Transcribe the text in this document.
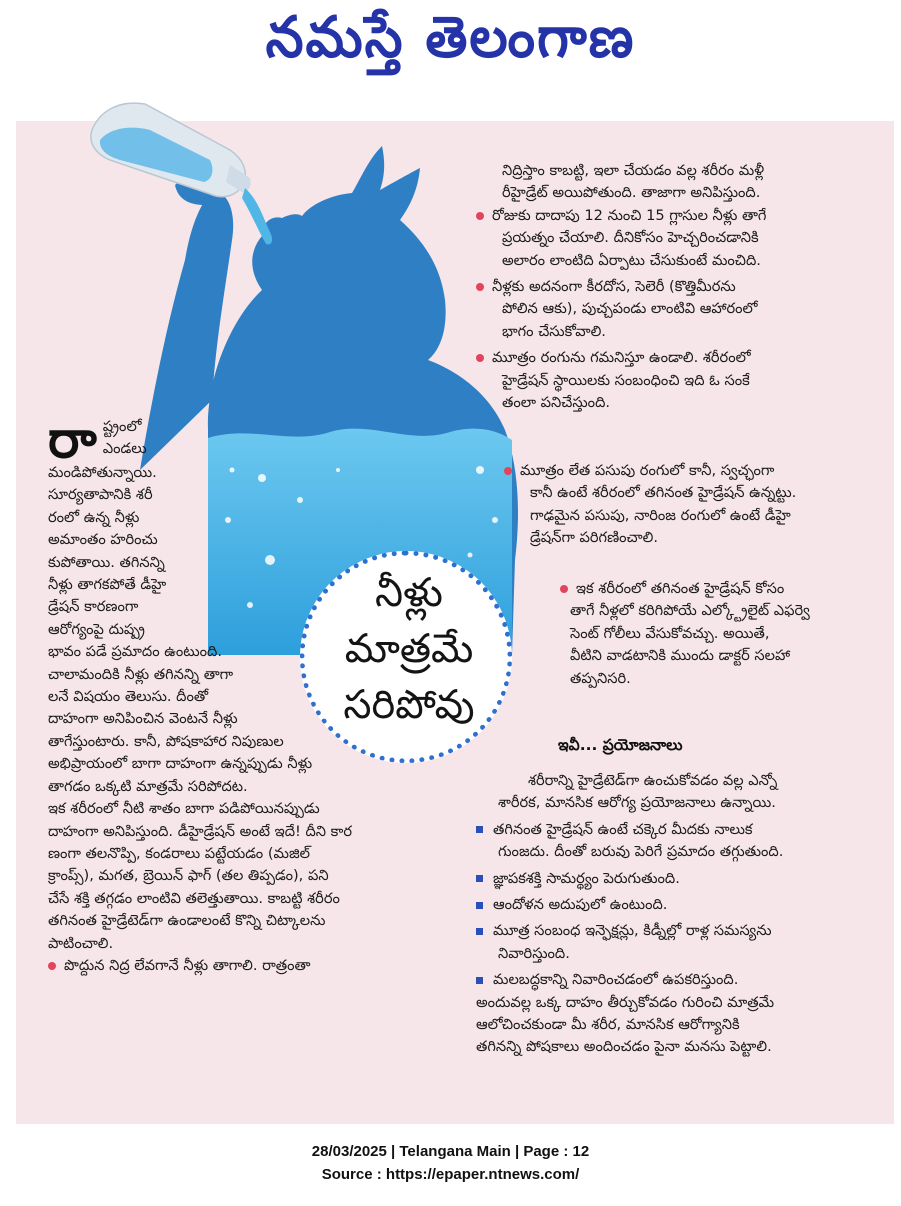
నమస్తే తెలంగాణ
నీళ్లు
మాత్రమే
సరిపోవు
రా ష్ట్రంలో

ఎండలు

మండిపోతున్నాయి.

సూర్యతాపానికి శరీ

రంలో ఉన్న నీళ్లు

అమాంతం హరించు

కుపోతాయి. తగినన్ని

నీళ్లు తాగకపోతే డీహై

డ్రేషన్ కారణంగా

ఆరోగ్యంపై దుష్ప్ర

భావం పడే ప్రమాదం ఉంటుంది.

చాలామందికి నీళ్లు తగినన్ని తాగా

లనే విషయం తెలుసు. దీంతో

దాహంగా అనిపించిన వెంటనే నీళ్లు

తాగేస్తుంటారు. కానీ, పోషకాహార నిపుణుల

అభిప్రాయంలో బాగా దాహంగా ఉన్నప్పుడు నీళ్లు

తాగడం ఒక్కటి మాత్రమే సరిపోదట.

ఇక శరీరంలో నీటి శాతం బాగా పడిపోయినప్పుడు

దాహంగా అనిపిస్తుంది. డీహైడ్రేషన్ అంటే ఇదే! దీని కార

ణంగా తలనొప్పి, కండరాలు పట్టేయడం (మజిల్

క్రాంప్స్), మగత, బ్రెయిన్ ఫాగ్ (తల తిప్పడం), పని

చేసే శక్తి తగ్గడం లాంటివి తలెత్తుతాయి. కాబట్టి శరీరం

తగినంత హైడ్రేటెడ్‌గా ఉండాలంటే కొన్ని చిట్కాలను

పాటించాలి.

పొద్దున నిద్ర లేవగానే నీళ్లు తాగాలి. రాత్రంతా

నిద్రిస్తాం కాబట్టి, ఇలా చేయడం వల్ల శరీరం మళ్లీ

రీహైడ్రేట్ అయిపోతుంది. తాజాగా అనిపిస్తుంది.

రోజుకు దాదాపు 12 నుంచి 15 గ్లాసుల నీళ్లు తాగే

ప్రయత్నం చేయాలి. దీనికోసం హెచ్చరించడానికి

అలారం లాంటిది ఏర్పాటు చేసుకుంటే మంచిది.

నీళ్లకు అదనంగా కీరదోస, సెలెరీ (కొత్తిమీరను

పోలిన ఆకు), పుచ్చపండు లాంటివి ఆహారంలో

భాగం చేసుకోవాలి.

మూత్రం రంగును గమనిస్తూ ఉండాలి. శరీరంలో

హైడ్రేషన్ స్థాయిలకు సంబంధించి ఇది ఓ సంకే

తంలా పనిచేస్తుంది.

మూత్రం లేత పసుపు రంగులో కానీ, స్వచ్ఛంగా

కానీ ఉంటే శరీరంలో తగినంత హైడ్రేషన్ ఉన్నట్టు.

గాఢమైన పసుపు, నారింజ రంగులో ఉంటే డీహై

డ్రేషన్‌గా పరిగణించాలి.

ఇక శరీరంలో తగినంత హైడ్రేషన్ కోసం

తాగే నీళ్లలో కరిగిపోయే ఎల్క్ట్రోలైట్ ఎఫర్వె

సెంట్ గోలీలు వేసుకోవచ్చు. అయితే,

వీటిని వాడటానికి ముందు డాక్టర్ సలహా

తప్పనిసరి.

ఇవీ... ప్రయోజనాలు

శరీరాన్ని హైడ్రేటెడ్‌గా ఉంచుకోవడం వల్ల ఎన్నో

శారీరక, మానసిక ఆరోగ్య ప్రయోజనాలు ఉన్నాయి.

తగినంత హైడ్రేషన్ ఉంటే చక్కెర మీదకు నాలుక

గుంజదు. దీంతో బరువు పెరిగే ప్రమాదం తగ్గుతుంది.

జ్ఞాపకశక్తి సామర్థ్యం పెరుగుతుంది.

ఆందోళన అదుపులో ఉంటుంది.

మూత్ర సంబంధ ఇన్ఫెక్షన్లు, కిడ్నీల్లో రాళ్ల సమస్యను

నివారిస్తుంది.

మలబద్ధకాన్ని నివారించడంలో ఉపకరిస్తుంది.

అందువల్ల ఒక్క దాహం తీర్చుకోవడం గురించి మాత్రమే

ఆలోచించకుండా మీ శరీర, మానసిక ఆరోగ్యానికి

తగినన్ని పోషకాలు అందించడం పైనా మనసు పెట్టాలి.

28/03/2025 | Telangana Main | Page : 12
Source : https://epaper.ntnews.com/
